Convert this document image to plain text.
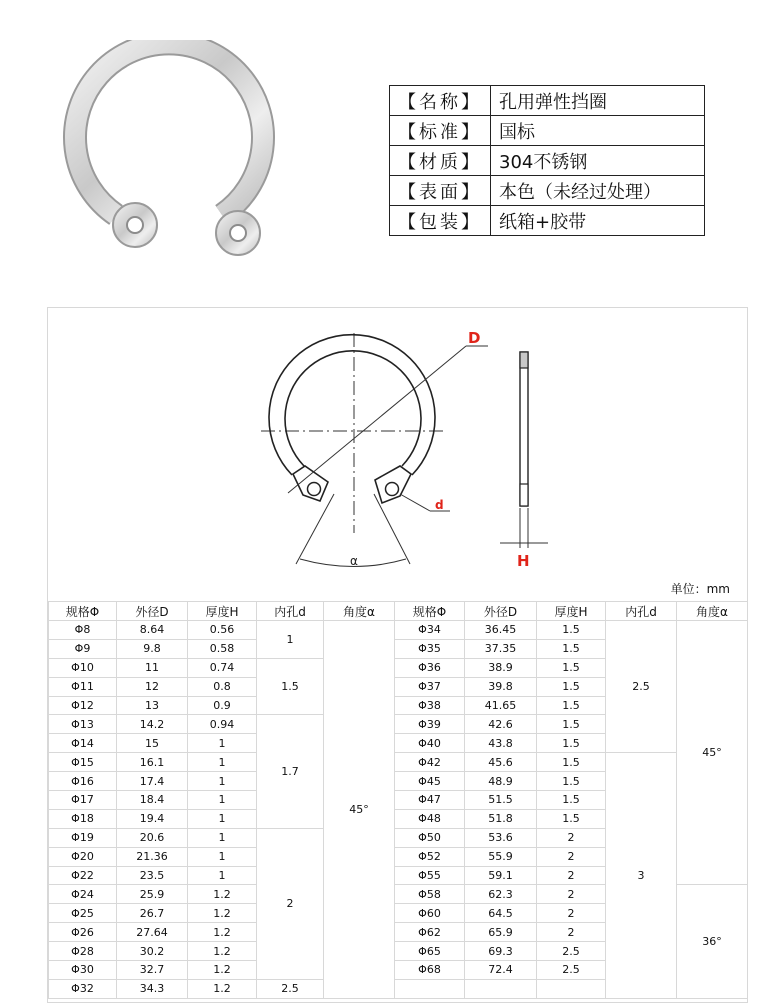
【名称】	孔用弹性挡圈
【标准】	国标
【材质】	304不锈钢
【表面】	本色（未经过处理）
【包装】	纸箱+胶带
D
d
α	H
单位：mm
规格Φ	外径D	厚度H	内孔d	角度α	规格Φ	外径D	厚度H	内孔d	角度α
Φ8	8.64	0.56	1	45°	Φ34	36.45	1.5	2.5	45°
Φ9	9.8	0.58			Φ35	37.35	1.5		
Φ10	11	0.74	1.5		Φ36	38.9	1.5		
Φ11	12	0.8			Φ37	39.8	1.5		
Φ12	13	0.9			Φ38	41.65	1.5		
Φ13	14.2	0.94	1.7		Φ39	42.6	1.5		
Φ14	15	1			Φ40	43.8	1.5		
Φ15	16.1	1			Φ42	45.6	1.5	3	
Φ16	17.4	1			Φ45	48.9	1.5		
Φ17	18.4	1			Φ47	51.5	1.5		
Φ18	19.4	1			Φ48	51.8	1.5		
Φ19	20.6	1	2		Φ50	53.6	2		
Φ20	21.36	1			Φ52	55.9	2		
Φ22	23.5	1			Φ55	59.1	2		
Φ24	25.9	1.2			Φ58	62.3	2		36°
Φ25	26.7	1.2			Φ60	64.5	2		
Φ26	27.64	1.2			Φ62	65.9	2		
Φ28	30.2	1.2			Φ65	69.3	2.5		
Φ30	32.7	1.2			Φ68	72.4	2.5		
Φ32	34.3	1.2	2.5						
